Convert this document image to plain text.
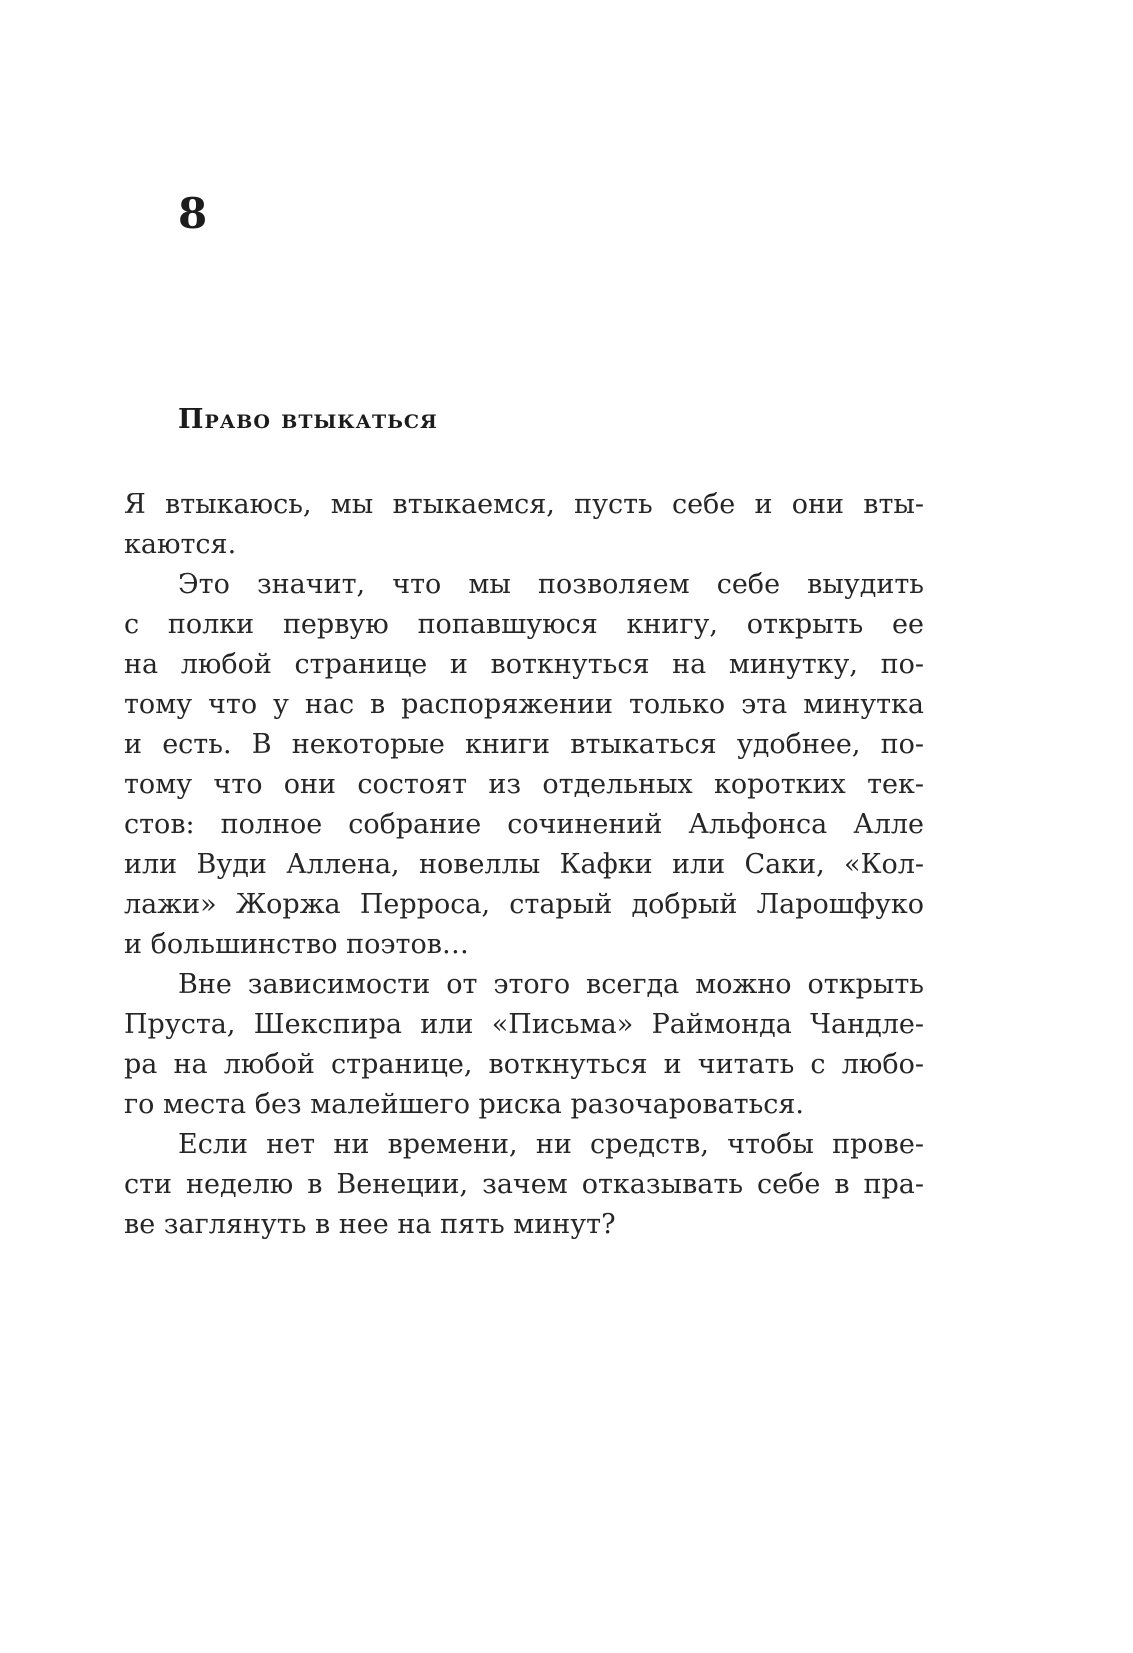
8
Право втыкаться
Я втыкаюсь, мы втыкаемся, пусть себе и они вты-
каются.
Это значит, что мы позволяем себе выудить
с полки первую попавшуюся книгу, открыть ее
на любой странице и воткнуться на минутку, по-
тому что у нас в распоряжении только эта минутка
и есть. В некоторые книги втыкаться удобнее, по-
тому что они состоят из отдельных коротких тек-
стов: полное собрание сочинений Альфонса Алле
или Вуди Аллена, новеллы Кафки или Саки, «Кол-
лажи» Жоржа Перроса, старый добрый Ларошфуко
и большинство поэтов…
Вне зависимости от этого всегда можно открыть
Пруста, Шекспира или «Письма» Раймонда Чандле-
ра на любой странице, воткнуться и читать с любо-
го места без малейшего риска разочароваться.
Если нет ни времени, ни средств, чтобы прове-
сти неделю в Венеции, зачем отказывать себе в пра-
ве заглянуть в нее на пять минут?
